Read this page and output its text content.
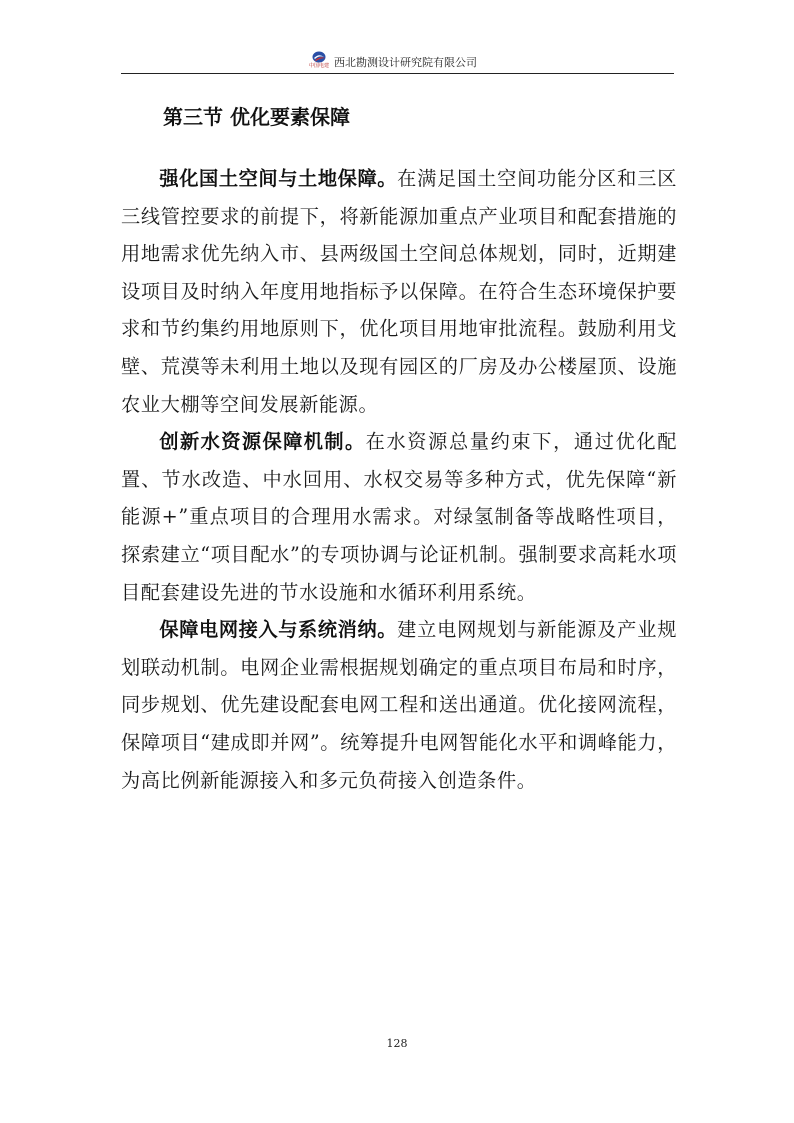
中国电建 西北勘测设计研究院有限公司
第三节 优化要素保障

强化国土空间与土地保障。在满足国土空间功能分区和三区三线管控要求的前提下，将新能源加重点产业项目和配套措施的用地需求优先纳入市、县两级国土空间总体规划，同时，近期建设项目及时纳入年度用地指标予以保障。在符合生态环境保护要求和节约集约用地原则下，优化项目用地审批流程。鼓励利用戈壁、荒漠等未利用土地以及现有园区的厂房及办公楼屋顶、设施农业大棚等空间发展新能源。

创新水资源保障机制。在水资源总量约束下，通过优化配置、节水改造、中水回用、水权交易等多种方式，优先保障“新能源+”重点项目的合理用水需求。对绿氢制备等战略性项目，探索建立“项目配水”的专项协调与论证机制。强制要求高耗水项目配套建设先进的节水设施和水循环利用系统。

保障电网接入与系统消纳。建立电网规划与新能源及产业规划联动机制。电网企业需根据规划确定的重点项目布局和时序，同步规划、优先建设配套电网工程和送出通道。优化接网流程，保障项目“建成即并网”。统筹提升电网智能化水平和调峰能力，为高比例新能源接入和多元负荷接入创造条件。

128
